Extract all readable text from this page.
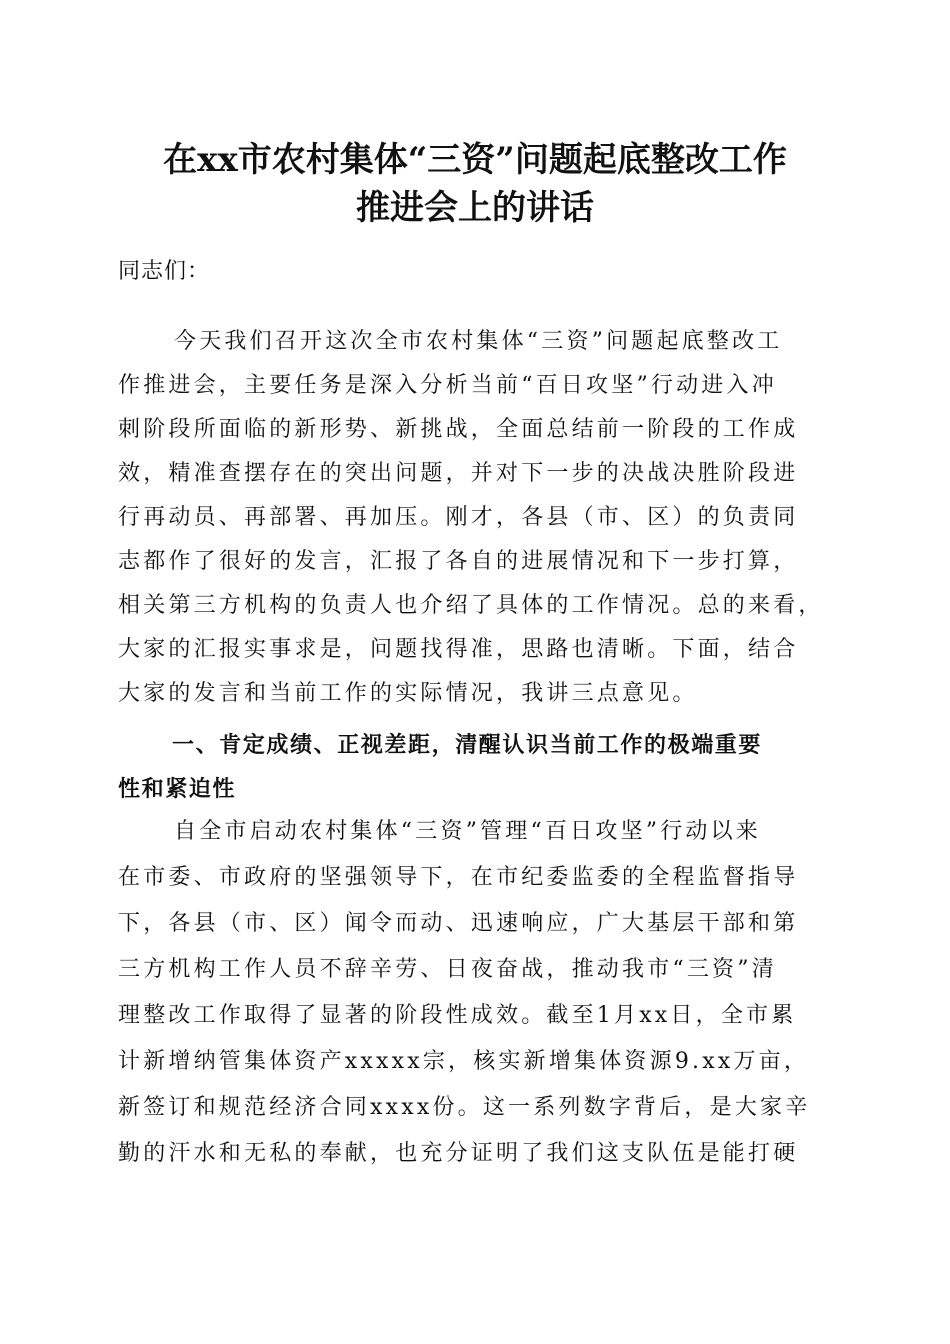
在xx市农村集体“三资”问题起底整改工作
推进会上的讲话
同志们：
今天我们召开这次全市农村集体“三资”问题起底整改工
作推进会，主要任务是深入分析当前“百日攻坚”行动进入冲
刺阶段所面临的新形势、新挑战，全面总结前一阶段的工作成
效，精准查摆存在的突出问题，并对下一步的决战决胜阶段进
行再动员、再部署、再加压。刚才，各县（市、区）的负责同
志都作了很好的发言，汇报了各自的进展情况和下一步打算，
相关第三方机构的负责人也介绍了具体的工作情况。总的来看，
大家的汇报实事求是，问题找得准，思路也清晰。下面，结合
大家的发言和当前工作的实际情况，我讲三点意见。
一、肯定成绩、正视差距，清醒认识当前工作的极端重要
性和紧迫性
自全市启动农村集体“三资”管理“百日攻坚”行动以来
在市委、市政府的坚强领导下，在市纪委监委的全程监督指导
下，各县（市、区）闻令而动、迅速响应，广大基层干部和第
三方机构工作人员不辞辛劳、日夜奋战，推动我市“三资”清
理整改工作取得了显著的阶段性成效。截至1月xx日，全市累
计新增纳管集体资产xxxxx宗，核实新增集体资源9.xx万亩，
新签订和规范经济合同xxxx份。这一系列数字背后，是大家辛
勤的汗水和无私的奉献，也充分证明了我们这支队伍是能打硬
